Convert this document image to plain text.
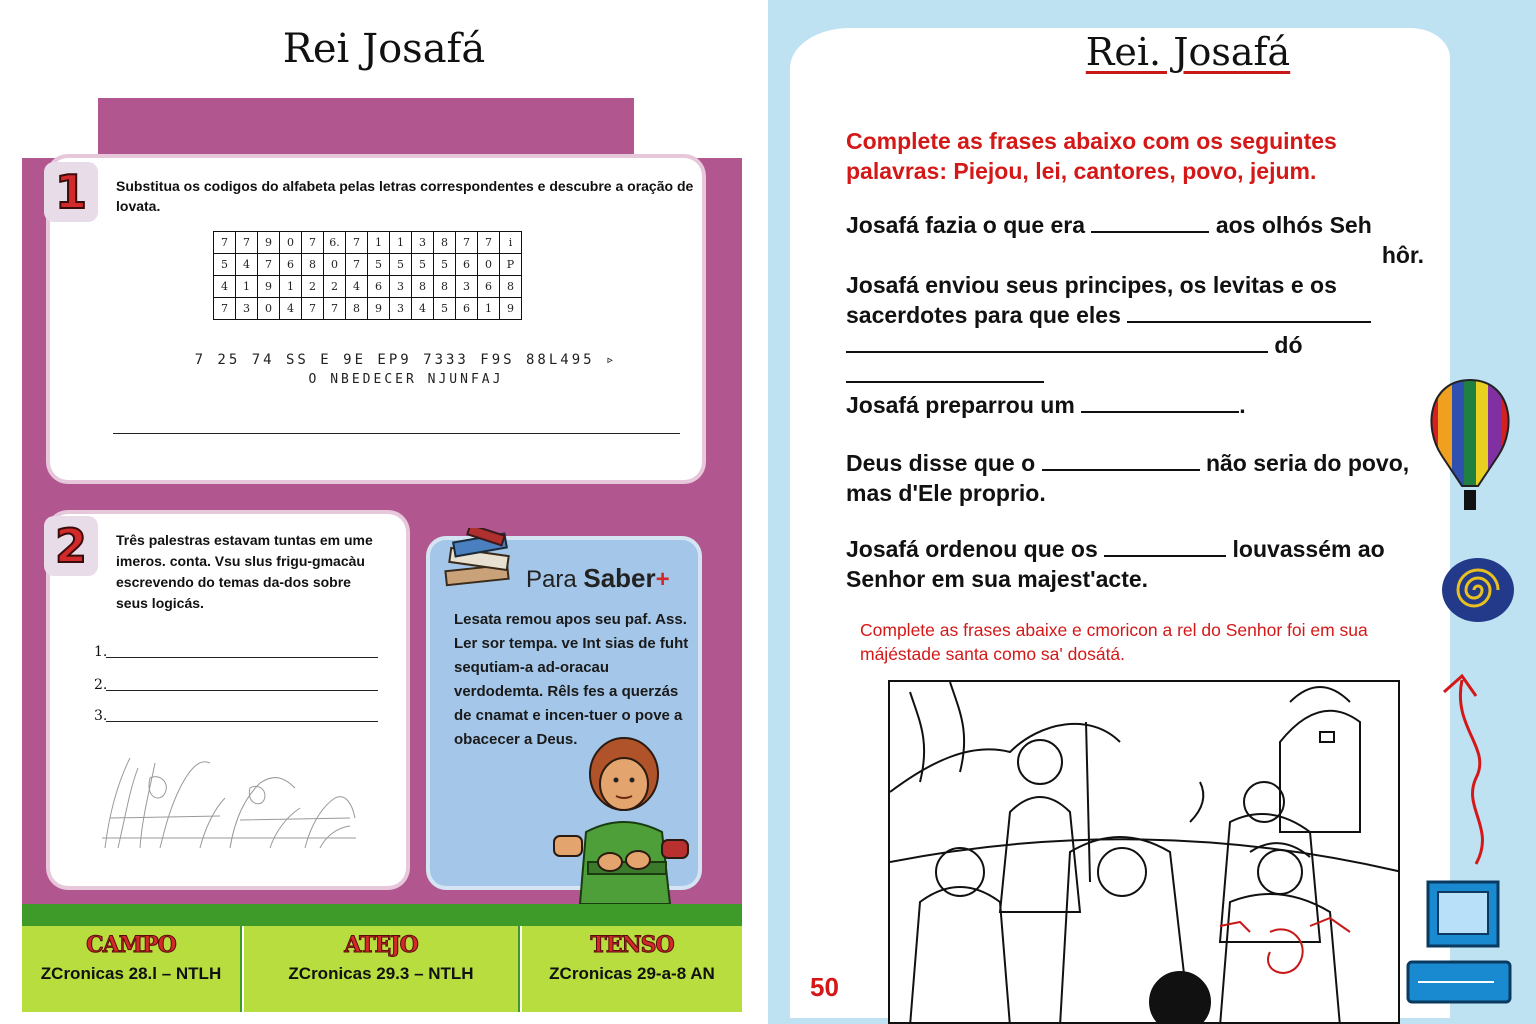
Rei Josafá
1	Substitua os codigos do alfabeta pelas letras correspondentes e descubre a oração de lovata.
7	7	9	0	7	6.	7	1	1	3	8	7	7	i
5	4	7	6	8	0	7	5	5	5	5	6	0	P
4	1	9	1	2	2	4	6	3	8	8	3	6	8
7	3	0	4	7	7	8	9	3	4	5	6	1	9
7 25 74 SS E 9E EP9 7333 F9S 88L495 ▹
O NBEDECER NJUNFAJ
2	Três palestras estavam tuntas em ume imeros. conta. Vsu slus frigu-gmacàu escrevendo do temas da-dos sobre seus logicás.
1.
2.
3.
Para Saber+
Lesata remou apos seu paf. Ass. Ler sor tempa. ve Int sias de fuht sequtiam-a ad-oracau verdodemta. Rêls fes a querzás de cnamat e incen-tuer o pove a obacecer a Deus.
CAMPO
ZCronicas 28.l – NTLH
ATEJO
ZCronicas 29.3 – NTLH
TENSO
ZCronicas 29-a-8 AN
Rei. Josafá
Complete as frases abaixo com os seguintes palavras: Piejou, lei, cantores, povo, jejum.
Josafá fazia o que era	aos olhós Seh
hôr.
Josafá enviou seus principes, os levitas e os
sacerdotes para que eles
dó
Josafá preparrou um	.
Deus disse que o	não seria do povo,
mas d'Ele proprio.
Josafá ordenou que os	louvassém ao
Senhor em sua majest'acte.
Complete as frases abaixe e cmoricon a rel do Senhor foi em sua májéstade santa como sa' dosátá.
50
